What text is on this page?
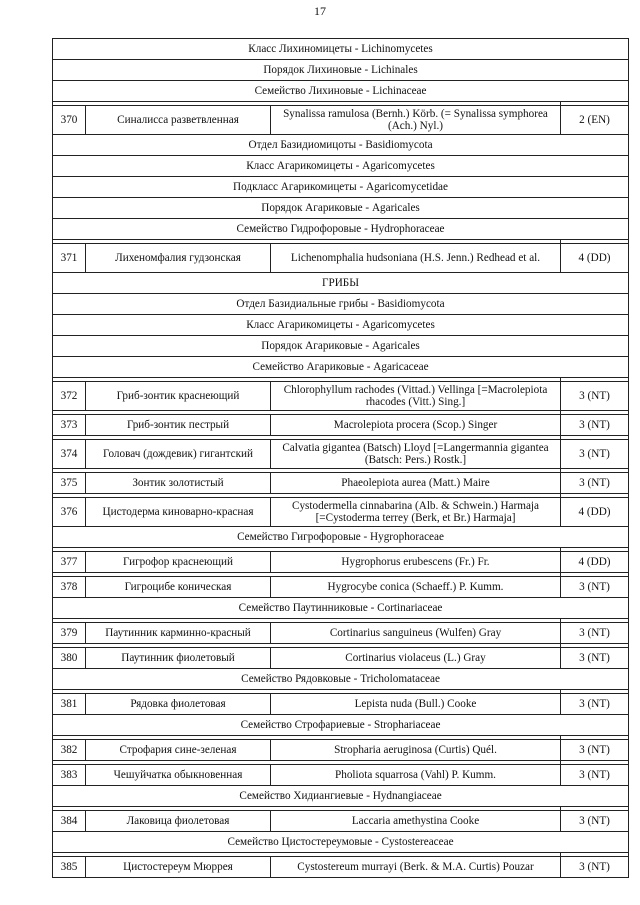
17
Класс Лихиномицеты - Lichinomycetes			
Порядок Лихиновые - Lichinales			
Семейство Лихиновые - Lichinaceae			

370	Синалисса разветвленная	Synalissa ramulosa (Bernh.) Körb. (= Synalissa symphorea (Ach.) Nyl.)	2 (EN)
Отдел Базидиомицоты - Basidiomycota			
Класс Агарикомицеты - Agaricomycetes			
Подкласс Агарикомицеты - Agaricomycetidae			
Порядок Агариковые - Agaricales			
Семейство Гидрофоровые - Hydrophoraceae			

371	Лихеномфалия гудзонская	Lichenomphalia hudsoniana (H.S. Jenn.) Redhead et al.	4 (DD)
ГРИБЫ			
Отдел Базидиальные грибы - Basidiomycota			
Класс Агарикомицеты - Agaricomycetes			
Порядок Агариковые - Agaricales			
Семейство Агариковые - Agaricaceae			

372	Гриб-зонтик краснеющий	Chlorophyllum rachodes (Vittad.) Vellinga [=Macrolepiota rhacodes (Vitt.) Sing.]	3 (NT)

373	Гриб-зонтик пестрый	Macrolepiota procera (Scop.) Singer	3 (NT)

374	Головач (дождевик) гигантский	Calvatia gigantea (Batsch) Lloyd [=Langermannia gigantea (Batsch: Pers.) Rostk.]	3 (NT)

375	Зонтик золотистый	Phaeolepiota aurea (Matt.) Maire	3 (NT)

376	Цистодерма киноварно-красная	Cystodermella cinnabarina (Alb. & Schwein.) Harmaja [=Cystoderma terrey (Berk, et Br.) Harmaja]	4 (DD)
Семейство Гигрофоровые - Hygrophoraceae			

377	Гигрофор краснеющий	Hygrophorus erubescens (Fr.) Fr.	4 (DD)

378	Гигроцибе коническая	Hygrocybe conica (Schaeff.) P. Kumm.	3 (NT)
Семейство Паутинниковые - Cortinariaceae			

379	Паутинник карминно-красный	Cortinarius sanguineus (Wulfen) Gray	3 (NT)

380	Паутинник фиолетовый	Cortinarius violaceus (L.) Gray	3 (NT)
Семейство Рядовковые - Tricholomataceae			

381	Рядовка фиолетовая	Lepista nuda (Bull.) Cooke	3 (NT)
Семейство Строфариевые - Strophariaceae			

382	Строфария сине-зеленая	Stropharia aeruginosa (Curtis) Quél.	3 (NT)

383	Чешуйчатка обыкновенная	Pholiota squarrosa (Vahl) P. Kumm.	3 (NT)
Семейство Хидиангиевые - Hydnangiaceae			

384	Лаковица фиолетовая	Laccaria amethystina Cooke	3 (NT)
Семейство Цистостереумовые - Cystostereaceae			

385	Цистостереум Мюррея	Cystostereum murrayi (Berk. & M.A. Curtis) Pouzar	3 (NT)
